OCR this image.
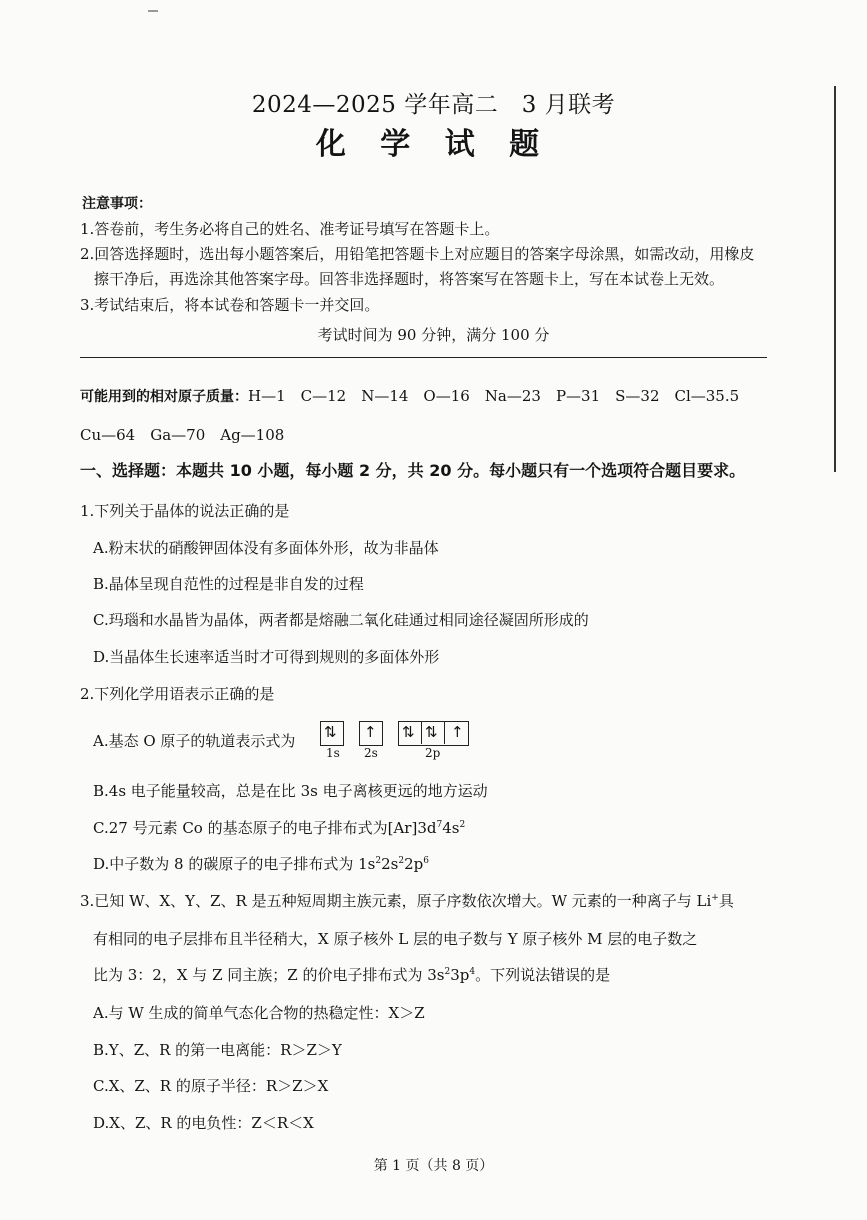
2024—2025 学年高二　3 月联考
化 学 试 题
注意事项：
1.答卷前，考生务必将自己的姓名、准考证号填写在答题卡上。
2.回答选择题时，选出每小题答案后，用铅笔把答题卡上对应题目的答案字母涂黑，如需改动，用橡皮
擦干净后，再选涂其他答案字母。回答非选择题时，将答案写在答题卡上，写在本试卷上无效。
3.考试结束后，将本试卷和答题卡一并交回。
考试时间为 90 分钟，满分 100 分
可能用到的相对原子质量：H—1　C—12　N—14　O—16　Na—23　P—31　S—32　Cl—35.5
Cu—64　Ga—70　Ag—108
一、选择题：本题共 10 小题，每小题 2 分，共 20 分。每小题只有一个选项符合题目要求。
1.下列关于晶体的说法正确的是
A.粉末状的硝酸钾固体没有多面体外形，故为非晶体
B.晶体呈现自范性的过程是非自发的过程
C.玛瑙和水晶皆为晶体，两者都是熔融二氧化硅通过相同途径凝固所形成的
D.当晶体生长速率适当时才可得到规则的多面体外形
2.下列化学用语表示正确的是
A.基态 O 原子的轨道表示式为 ⇅ ↑ ⇅ ⇅ ↑
1s 2s	2p
B.4s 电子能量较高，总是在比 3s 电子离核更远的地方运动
C.27 号元素 Co 的基态原子的电子排布式为$[Ar]3d^74s^2$
D.中子数为 8 的碳原子的电子排布式为 $1s^22s^22p^6$
3.已知 W、X、Y、Z、R 是五种短周期主族元素，原子序数依次增大。W 元素的一种离子与 Li+具
有相同的电子层排布且半径稍大，X 原子核外 L 层的电子数与 Y 原子核外 M 层的电子数之
比为 3：2，X 与 Z 同主族；Z 的价电子排布式为 $3s^23p^4$。下列说法错误的是
A.与 W 生成的简单气态化合物的热稳定性：X＞Z
B.Y、Z、R 的第一电离能：R＞Z＞Y
C.X、Z、R 的原子半径：R＞Z＞X
D.X、Z、R 的电负性：Z＜R＜X
第 1 页（共 8 页）
